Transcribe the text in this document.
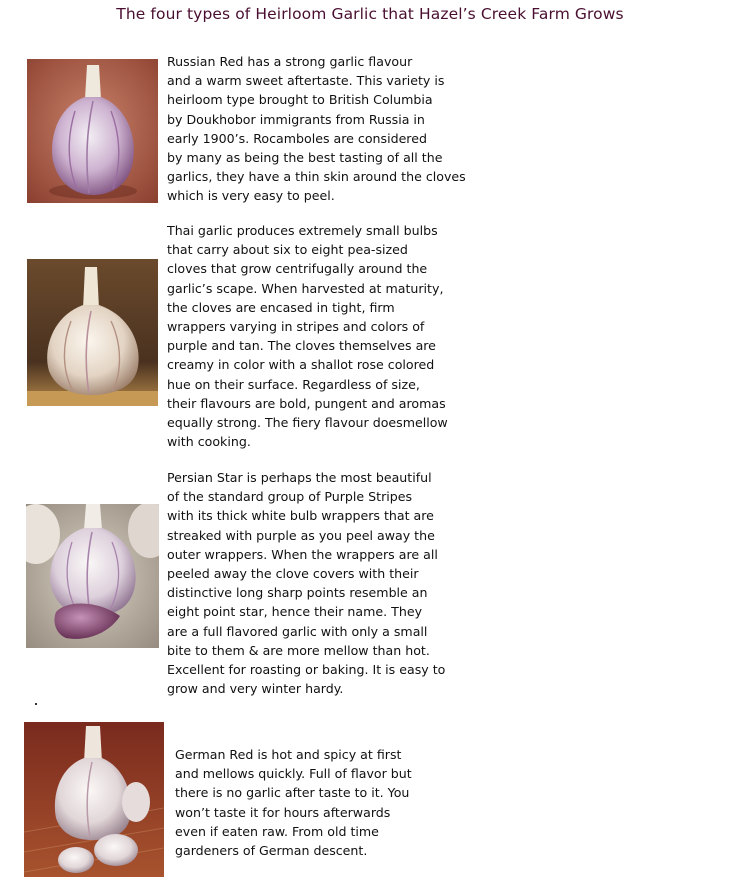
The four types of Heirloom Garlic that Hazel’s Creek Farm Grows
Russian Red has a strong garlic flavour
and a warm sweet aftertaste. This variety is
heirloom type brought to British Columbia
by Doukhobor immigrants from Russia in
early 1900’s. Rocamboles are considered
by many as being the best tasting of all the
garlics, they have a thin skin around the cloves
which is very easy to peel.
Thai garlic produces extremely small bulbs
that carry about six to eight pea-sized
cloves that grow centrifugally around the
garlic’s scape. When harvested at maturity,
the cloves are encased in tight, firm
wrappers varying in stripes and colors of
purple and tan. The cloves themselves are
creamy in color with a shallot rose colored
hue on their surface. Regardless of size,
their flavours are bold, pungent and aromas
equally strong. The fiery flavour doesmellow
with cooking.
Persian Star is perhaps the most beautiful
of the standard group of Purple Stripes
with its thick white bulb wrappers that are
streaked with purple as you peel away the
outer wrappers. When the wrappers are all
peeled away the clove covers with their
distinctive long sharp points resemble an
eight point star, hence their name. They
are a full flavored garlic with only a small
bite to them & are more mellow than hot.
Excellent for roasting or baking. It is easy to
grow and very winter hardy.
German Red is hot and spicy at first
and mellows quickly. Full of flavor but
there is no garlic after taste to it. You
won’t taste it for hours afterwards
even if eaten raw. From old time
gardeners of German descent.
